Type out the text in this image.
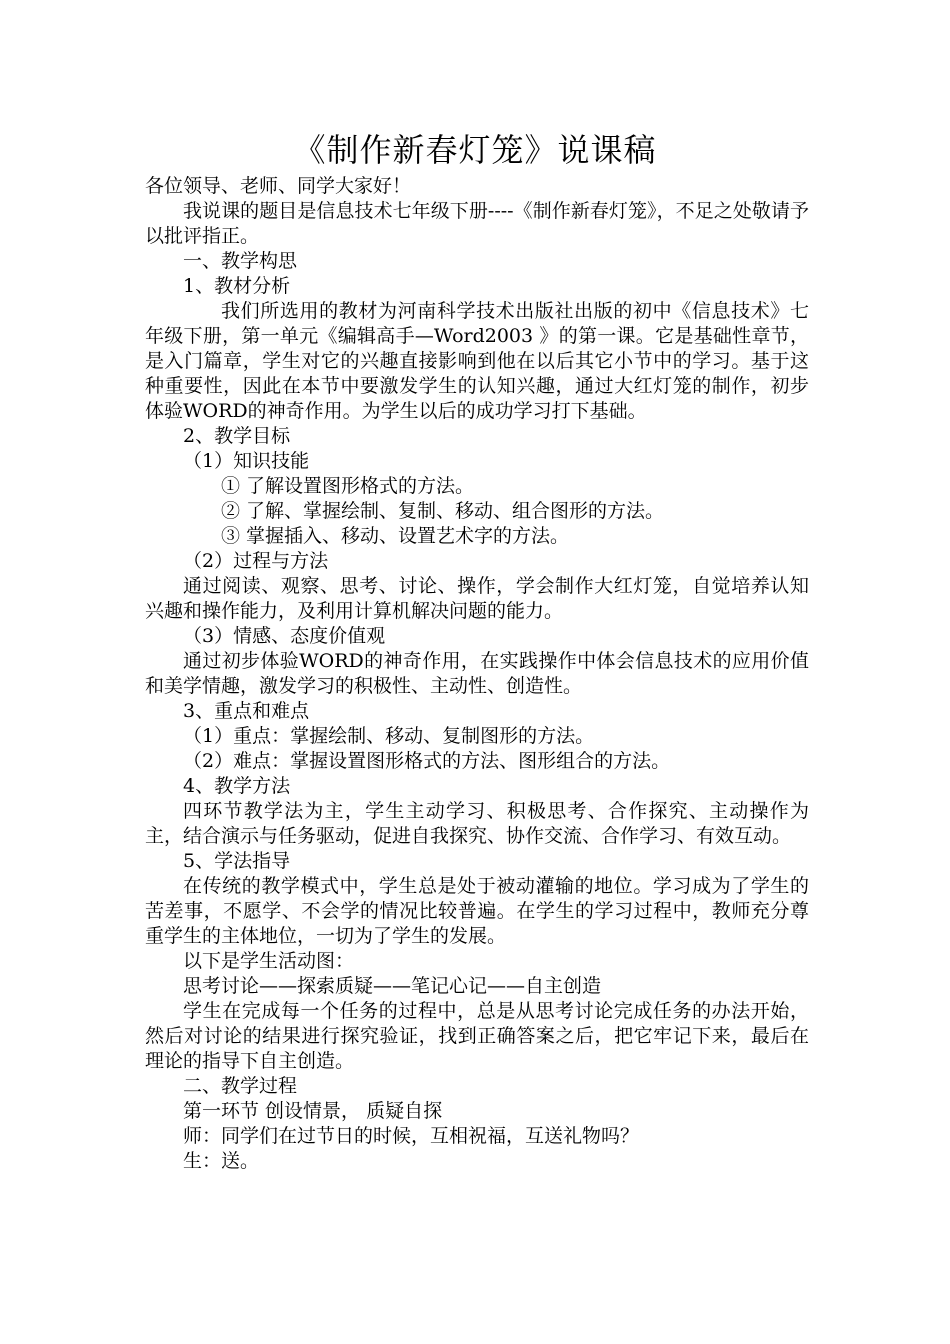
《制作新春灯笼》说课稿

各位领导、老师、同学大家好！

我说课的题目是信息技术七年级下册----《制作新春灯笼》，不足之处敬请予以批评指正。

一、教学构思

1、教材分析

我们所选用的教材为河南科学技术出版社出版的初中《信息技术》七年级下册，第一单元《编辑高手—Word2003 》的第一课。它是基础性章节，是入门篇章，学生对它的兴趣直接影响到他在以后其它小节中的学习。基于这种重要性，因此在本节中要激发学生的认知兴趣，通过大红灯笼的制作，初步体验WORD的神奇作用。为学生以后的成功学习打下基础。

2、教学目标

（1）知识技能

① 了解设置图形格式的方法。

② 了解、掌握绘制、复制、移动、组合图形的方法。

③ 掌握插入、移动、设置艺术字的方法。

（2）过程与方法

通过阅读、观察、思考、讨论、操作，学会制作大红灯笼，自觉培养认知兴趣和操作能力，及利用计算机解决问题的能力。

（3）情感、态度价值观

通过初步体验WORD的神奇作用，在实践操作中体会信息技术的应用价值和美学情趣，激发学习的积极性、主动性、创造性。

3、重点和难点

（1）重点：掌握绘制、移动、复制图形的方法。

（2）难点：掌握设置图形格式的方法、图形组合的方法。

4、教学方法

四环节教学法为主，学生主动学习、积极思考、合作探究、主动操作为主，结合演示与任务驱动，促进自我探究、协作交流、合作学习、有效互动。

5、学法指导

在传统的教学模式中，学生总是处于被动灌输的地位。学习成为了学生的苦差事，不愿学、不会学的情况比较普遍。在学生的学习过程中，教师充分尊重学生的主体地位，一切为了学生的发展。

以下是学生活动图：

思考讨论——探索质疑——笔记心记——自主创造

学生在完成每一个任务的过程中，总是从思考讨论完成任务的办法开始，然后对讨论的结果进行探究验证，找到正确答案之后，把它牢记下来，最后在理论的指导下自主创造。

二、教学过程

第一环节 创设情景， 质疑自探

师：同学们在过节日的时候，互相祝福，互送礼物吗？

生：送。
